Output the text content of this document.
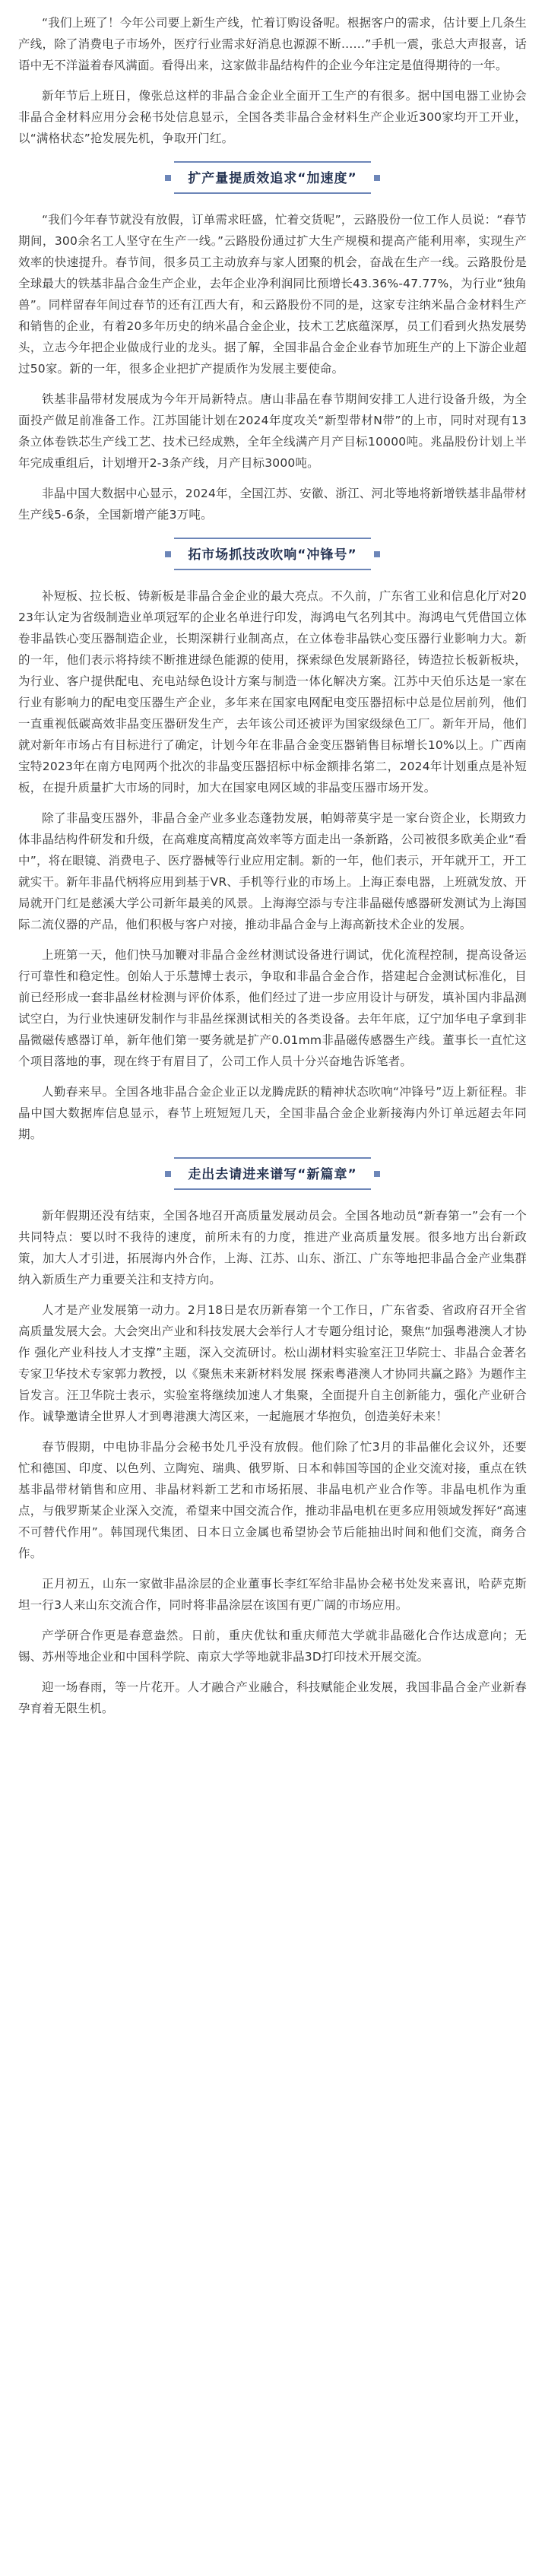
“我们上班了！今年公司要上新生产线，忙着订购设备呢。根据客户的需求，估计要上几条生产线，除了消费电子市场外，医疗行业需求好消息也源源不断……”手机一震，张总大声报喜，话语中无不洋溢着春风满面。看得出来，这家做非晶结构件的企业今年注定是值得期待的一年。

新年节后上班日，像张总这样的非晶合金企业全面开工生产的有很多。据中国电器工业协会非晶合金材料应用分会秘书处信息显示，全国各类非晶合金材料生产企业近300家均开工开业，以“满格状态”抢发展先机，争取开门红。

扩产量提质效追求“加速度”

“我们今年春节就没有放假，订单需求旺盛，忙着交货呢”，云路股份一位工作人员说：“春节期间，300余名工人坚守在生产一线。”云路股份通过扩大生产规模和提高产能利用率，实现生产效率的快速提升。春节间，很多员工主动放弃与家人团聚的机会，奋战在生产一线。云路股份是全球最大的铁基非晶合金生产企业，去年企业净利润同比预增长43.36%-47.77%，为行业“独角兽”。同样留春年间过春节的还有江西大有，和云路股份不同的是，这家专注纳米晶合金材料生产和销售的企业，有着20多年历史的纳米晶合金企业，技术工艺底蕴深厚，员工们看到火热发展势头，立志今年把企业做成行业的龙头。据了解，全国非晶合金企业春节加班生产的上下游企业超过50家。新的一年，很多企业把扩产提质作为发展主要使命。

铁基非晶带材发展成为今年开局新特点。唐山非晶在春节期间安排工人进行设备升级，为全面投产做足前准备工作。江苏国能计划在2024年度攻关“新型带材N带”的上市，同时对现有13条立体卷铁芯生产线工艺、技术已经成熟，全年全线满产月产目标10000吨。兆晶股份计划上半年完成重组后，计划增开2-3条产线，月产目标3000吨。

非晶中国大数据中心显示，2024年，全国江苏、安徽、浙江、河北等地将新增铁基非晶带材生产线5-6条，全国新增产能3万吨。

拓市场抓技改吹响“冲锋号”

补短板、拉长板、铸新板是非晶合金企业的最大亮点。不久前，广东省工业和信息化厅对2023年认定为省级制造业单项冠军的企业名单进行印发，海鸿电气名列其中。海鸿电气凭借国立体卷非晶铁心变压器制造企业，长期深耕行业制高点，在立体卷非晶铁心变压器行业影响力大。新的一年，他们表示将持续不断推进绿色能源的使用，探索绿色发展新路径，铸造拉长板新板块，为行业、客户提供配电、充电站绿色设计方案与制造一体化解决方案。江苏中天伯乐达是一家在行业有影响力的配电变压器生产企业，多年来在国家电网配电变压器招标中总是位居前列，他们一直重视低碳高效非晶变压器研发生产，去年该公司还被评为国家级绿色工厂。新年开局，他们就对新年市场占有目标进行了确定，计划今年在非晶合金变压器销售目标增长10%以上。广西南宝特2023年在南方电网两个批次的非晶变压器招标中标金额排名第二，2024年计划重点是补短板，在提升质量扩大市场的同时，加大在国家电网区域的非晶变压器市场开发。

除了非晶变压器外，非晶合金产业多业态蓬勃发展，帕姆蒂莫宇是一家台资企业，长期致力体非晶结构件研发和升级，在高难度高精度高效率等方面走出一条新路，公司被很多欧美企业“看中”，将在眼镜、消费电子、医疗器械等行业应用定制。新的一年，他们表示，开年就开工，开工就实干。新年非晶代柄将应用到基于VR、手机等行业的市场上。上海正泰电器，上班就发放、开局就开门红是慈溪大学公司新年最美的风景。上海海空添与专注非晶磁传感器研发测试为上海国际二流仪器的产品，他们积极与客户对接，推动非晶合金与上海高新技术企业的发展。

上班第一天，他们快马加鞭对非晶合金丝材测试设备进行调试，优化流程控制，提高设备运行可靠性和稳定性。创始人于乐慧博士表示，争取和非晶合金合作，搭建起合金测试标准化，目前已经形成一套非晶丝材检测与评价体系，他们经过了进一步应用设计与研发，填补国内非晶测试空白，为行业快速研发制作与非晶丝探测试相关的各类设备。去年年底，辽宁加华电子拿到非晶微磁传感器订单，新年他们第一要务就是扩产0.01mm非晶磁传感器生产线。董事长一直忙这个项目落地的事，现在终于有眉目了，公司工作人员十分兴奋地告诉笔者。

人勤春来早。全国各地非晶合金企业正以龙腾虎跃的精神状态吹响“冲锋号”迈上新征程。非晶中国大数据库信息显示，春节上班短短几天，全国非晶合金企业新接海内外订单远超去年同期。

走出去请进来谱写“新篇章”

新年假期还没有结束，全国各地召开高质量发展动员会。全国各地动员“新春第一”会有一个共同特点：要以时不我待的速度，前所未有的力度，推进产业高质量发展。很多地方出台新政策，加大人才引进，拓展海内外合作，上海、江苏、山东、浙江、广东等地把非晶合金产业集群纳入新质生产力重要关注和支持方向。

人才是产业发展第一动力。2月18日是农历新春第一个工作日，广东省委、省政府召开全省高质量发展大会。大会突出产业和科技发展大会举行人才专题分组讨论，聚焦“加强粤港澳人才协作 强化产业科技人才支撑”主题，深入交流研讨。松山湖材料实验室汪卫华院士、非晶合金著名专家卫华技术专家郭力教授，以《聚焦未来新材料发展 探索粤港澳人才协同共赢之路》为题作主旨发言。汪卫华院士表示，实验室将继续加速人才集聚，全面提升自主创新能力，强化产业研合作。诚挚邀请全世界人才到粤港澳大湾区来，一起施展才华抱负，创造美好未来！

春节假期，中电协非晶分会秘书处几乎没有放假。他们除了忙3月的非晶催化会议外，还要忙和德国、印度、以色列、立陶宛、瑞典、俄罗斯、日本和韩国等国的企业交流对接，重点在铁基非晶带材销售和应用、非晶材料新工艺和市场拓展、非晶电机产业合作等。非晶电机作为重点，与俄罗斯某企业深入交流，希望来中国交流合作，推动非晶电机在更多应用领域发挥好“高速不可替代作用”。韩国现代集团、日本日立金属也希望协会节后能抽出时间和他们交流，商务合作。

正月初五，山东一家做非晶涂层的企业董事长李红军给非晶协会秘书处发来喜讯，哈萨克斯坦一行3人来山东交流合作，同时将非晶涂层在该国有更广阔的市场应用。

产学研合作更是春意盎然。日前，重庆优钛和重庆师范大学就非晶磁化合作达成意向；无锡、苏州等地企业和中国科学院、南京大学等地就非晶3D打印技术开展交流。

迎一场春雨，等一片花开。人才融合产业融合，科技赋能企业发展，我国非晶合金产业新春孕育着无限生机。
